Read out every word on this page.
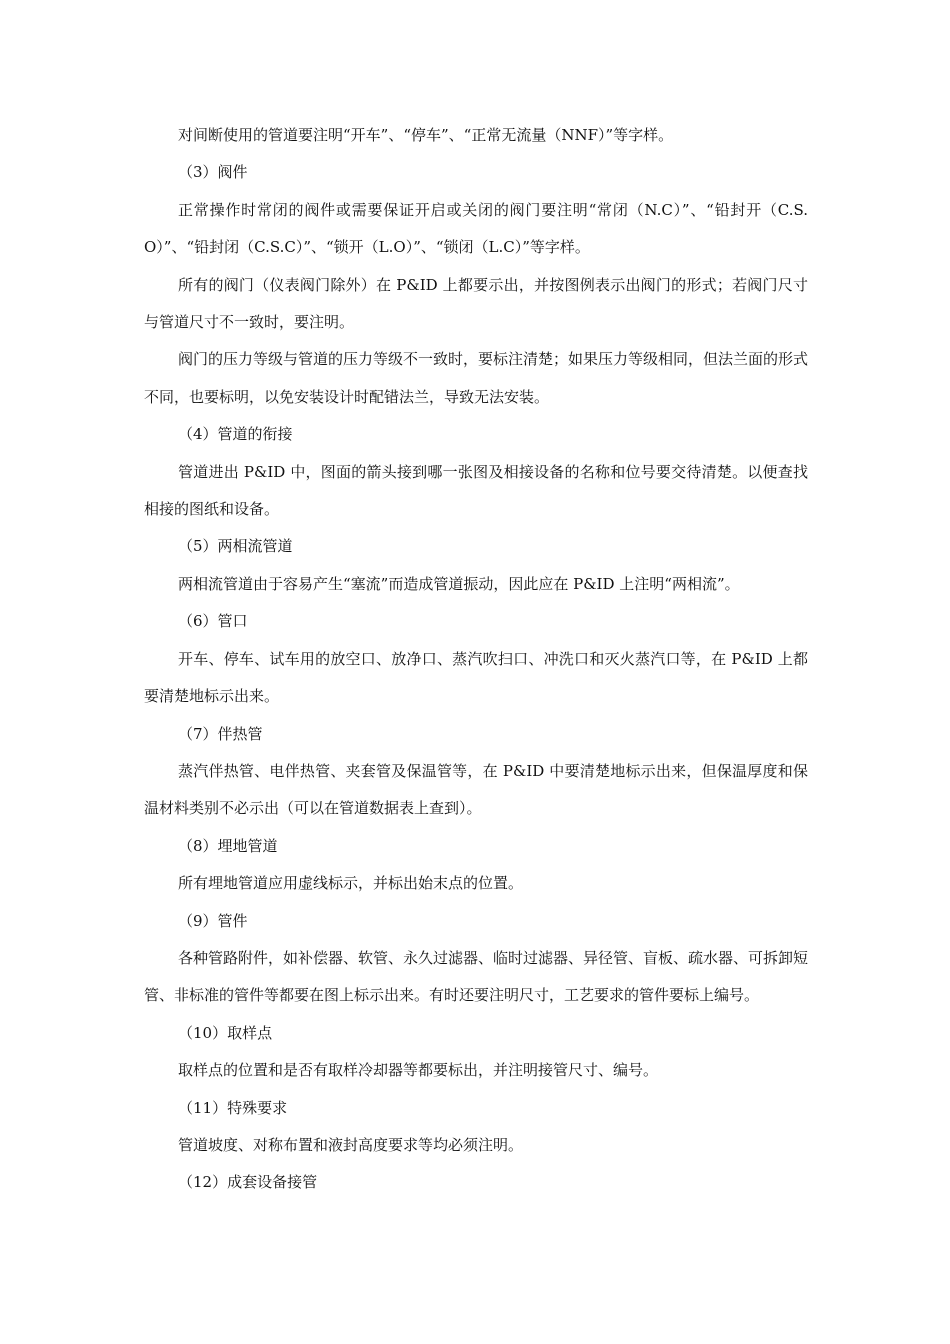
对间断使用的管道要注明“开车”、“停车”、“正常无流量（NNF）”等字样。

（3）阀件

正常操作时常闭的阀件或需要保证开启或关闭的阀门要注明“常闭（N.C）”、“铅封开（C.S.O）”、“铅封闭（C.S.C）”、“锁开（L.O）”、“锁闭（L.C）”等字样。

所有的阀门（仪表阀门除外）在 P&ID 上都要示出，并按图例表示出阀门的形式；若阀门尺寸与管道尺寸不一致时，要注明。

阀门的压力等级与管道的压力等级不一致时，要标注清楚；如果压力等级相同，但法兰面的形式不同，也要标明，以免安装设计时配错法兰，导致无法安装。

（4）管道的衔接

管道进出 P&ID 中，图面的箭头接到哪一张图及相接设备的名称和位号要交待清楚。以便查找相接的图纸和设备。

（5）两相流管道

两相流管道由于容易产生“塞流”而造成管道振动，因此应在 P&ID 上注明“两相流”。

（6）管口

开车、停车、试车用的放空口、放净口、蒸汽吹扫口、冲洗口和灭火蒸汽口等，在 P&ID 上都要清楚地标示出来。

（7）伴热管

蒸汽伴热管、电伴热管、夹套管及保温管等，在 P&ID 中要清楚地标示出来，但保温厚度和保温材料类别不必示出（可以在管道数据表上查到）。

（8）埋地管道

所有埋地管道应用虚线标示，并标出始末点的位置。

（9）管件

各种管路附件，如补偿器、软管、永久过滤器、临时过滤器、异径管、盲板、疏水器、可拆卸短管、非标准的管件等都要在图上标示出来。有时还要注明尺寸，工艺要求的管件要标上编号。

（10）取样点

取样点的位置和是否有取样冷却器等都要标出，并注明接管尺寸、编号。

（11）特殊要求

管道坡度、对称布置和液封高度要求等均必须注明。

（12）成套设备接管
